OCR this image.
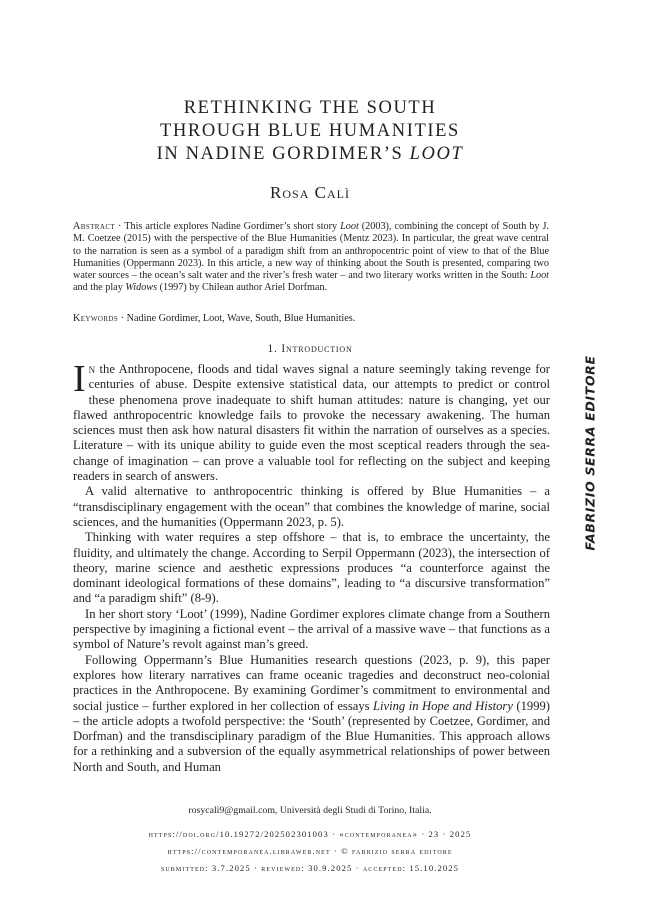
RETHINKING THE SOUTH
THROUGH BLUE HUMANITIES
IN NADINE GORDIMER’S LOOT
Rosa Calì
Abstract · This article explores Nadine Gordimer’s short story Loot (2003), combining the concept of South by J. M. Coetzee (2015) with the perspective of the Blue Humanities (Mentz 2023). In particular, the great wave central to the narration is seen as a symbol of a paradigm shift from an anthropocentric point of view to that of the Blue Humanities (Oppermann 2023). In this article, a new way of thinking about the South is presented, comparing two water sources – the ocean’s salt water and the river’s fresh water – and two literary works written in the South: Loot and the play Widows (1997) by Chilean author Ariel Dorfman.
Keywords · Nadine Gordimer, Loot, Wave, South, Blue Humanities.
1. Introduction

In the Anthropocene, floods and tidal waves signal a nature seemingly taking revenge for centuries of abuse. Despite extensive statistical data, our attempts to predict or control these phenomena prove inadequate to shift human attitudes: nature is changing, yet our flawed anthropocentric knowledge fails to provoke the necessary awakening. The human sciences must then ask how natural disasters fit within the narration of ourselves as a species. Literature – with its unique ability to guide even the most sceptical readers through the sea-change of imagination – can prove a valuable tool for reflecting on the subject and keeping readers in search of answers.

A valid alternative to anthropocentric thinking is offered by Blue Humanities – a “transdisciplinary engagement with the ocean” that combines the knowledge of marine, social sciences, and the humanities (Oppermann 2023, p. 5).

Thinking with water requires a step offshore – that is, to embrace the uncertainty, the fluidity, and ultimately the change. According to Serpil Oppermann (2023), the intersection of theory, marine science and aesthetic expressions produces “a counterforce against the dominant ideological formations of these domains”, leading to “a discursive transformation” and “a paradigm shift” (8-9).

In her short story ‘Loot’ (1999), Nadine Gordimer explores climate change from a Southern perspective by imagining a fictional event – the arrival of a massive wave – that functions as a symbol of Nature’s revolt against man’s greed.

Following Oppermann’s Blue Humanities research questions (2023, p. 9), this paper explores how literary narratives can frame oceanic tragedies and deconstruct neo-colonial practices in the Anthropocene. By examining Gordimer’s commitment to environmental and social justice – further explored in her collection of essays Living in Hope and History (1999) – the article adopts a twofold perspective: the ‘South’ (represented by Coetzee, Gordimer, and Dorfman) and the transdisciplinary paradigm of the Blue Humanities. This approach allows for a rethinking and a subversion of the equally asymmetrical relationships of power between North and South, and Human

rosycali9@gmail.com, Università degli Studi di Torino, Italia.
https://doi.org/10.19272/202502301003 · «contemporanea» · 23 · 2025
https://contemporanea.libraweb.net · © fabrizio serra editore
submitted: 3.7.2025 · reviewed: 30.9.2025 · accepted: 15.10.2025
FABRIZIO SERRA EDITORE
